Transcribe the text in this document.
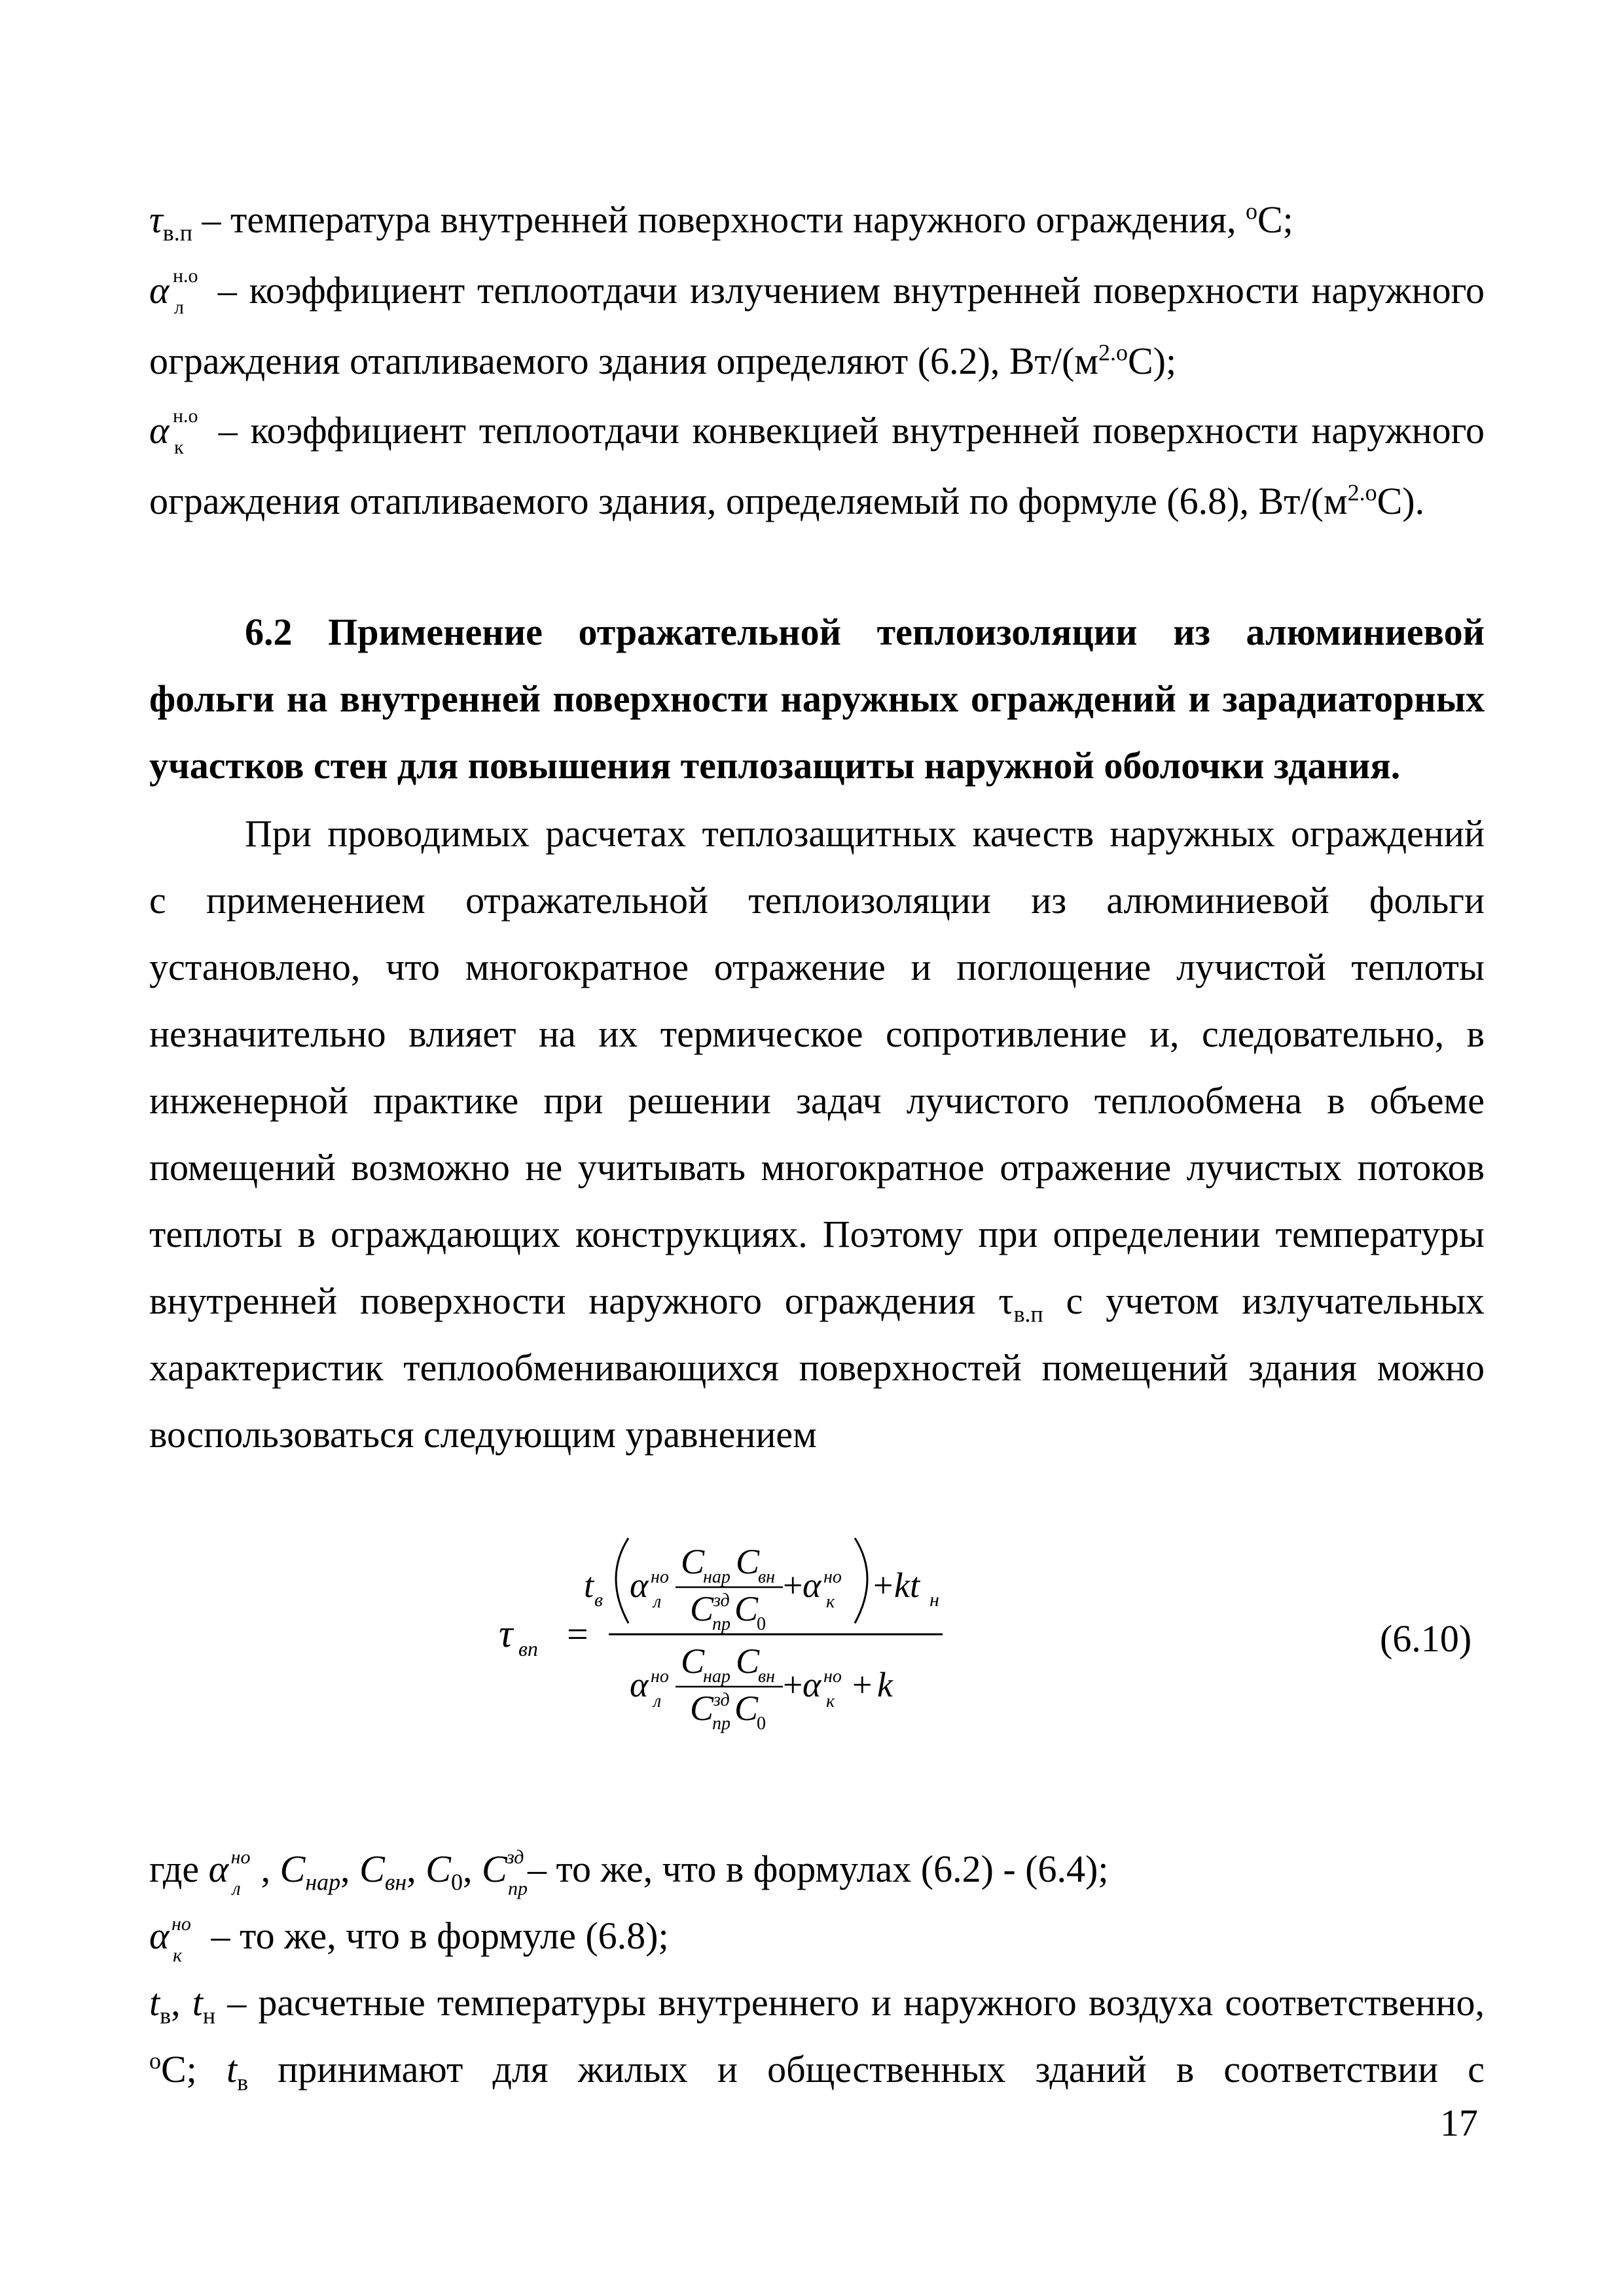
$\tau_{в.п}$ – температура внутренней поверхности наружного ограждения, $^о$С;
α н.о
л – коэффициент теплоотдачи излучением внутренней поверхности наружного
ограждения отапливаемого здания определяют (6.2), $Вт/(м^{2.о}С)$;
α н.о
к – коэффициент теплоотдачи конвекцией внутренней поверхности наружного
ограждения отапливаемого здания, определяемый по формуле (6.8), $Вт/(м^{2.о}С)$.
6.2 Применение отражательной теплоизоляции из алюминиевой
фольги на внутренней поверхности наружных ограждений и зарадиаторных
участков стен для повышения теплозащиты наружной оболочки здания.
При проводимых расчетах теплозащитных качеств наружных ограждений
с применением отражательной теплоизоляции из алюминиевой фольги
установлено, что многократное отражение и поглощение лучистой теплоты
незначительно влияет на их термическое сопротивление и, следовательно, в
инженерной практике при решении задач лучистого теплообмена в объеме
помещений возможно не учитывать многократное отражение лучистых потоков
теплоты в ограждающих конструкциях. Поэтому при определении температуры
внутренней поверхности наружного ограждения $\tau_{в.п}$ с учетом излучательных
характеристик теплообменивающихся поверхностей помещений здания можно
воспользоваться следующим уравнением
τ вп =
t в α но
л
C
нар C
вн
C зд
пр C
0
+ α но
к + kt н
α но
л
C
нар C
вн
C зд
пр C
0
+ α но
к + k
(6.10)
где α но
л , $C_{нар}$, $C_{вн}$, $C_0$, C зд
пр – то же, что в формулах (6.2) - (6.4);
α но
к – то же, что в формуле (6.8);
$t_в$, $t_н$ – расчетные температуры внутреннего и наружного воздуха соответственно,
$^о$С; $t_в$ принимают для жилых и общественных зданий в соответствии с
17
